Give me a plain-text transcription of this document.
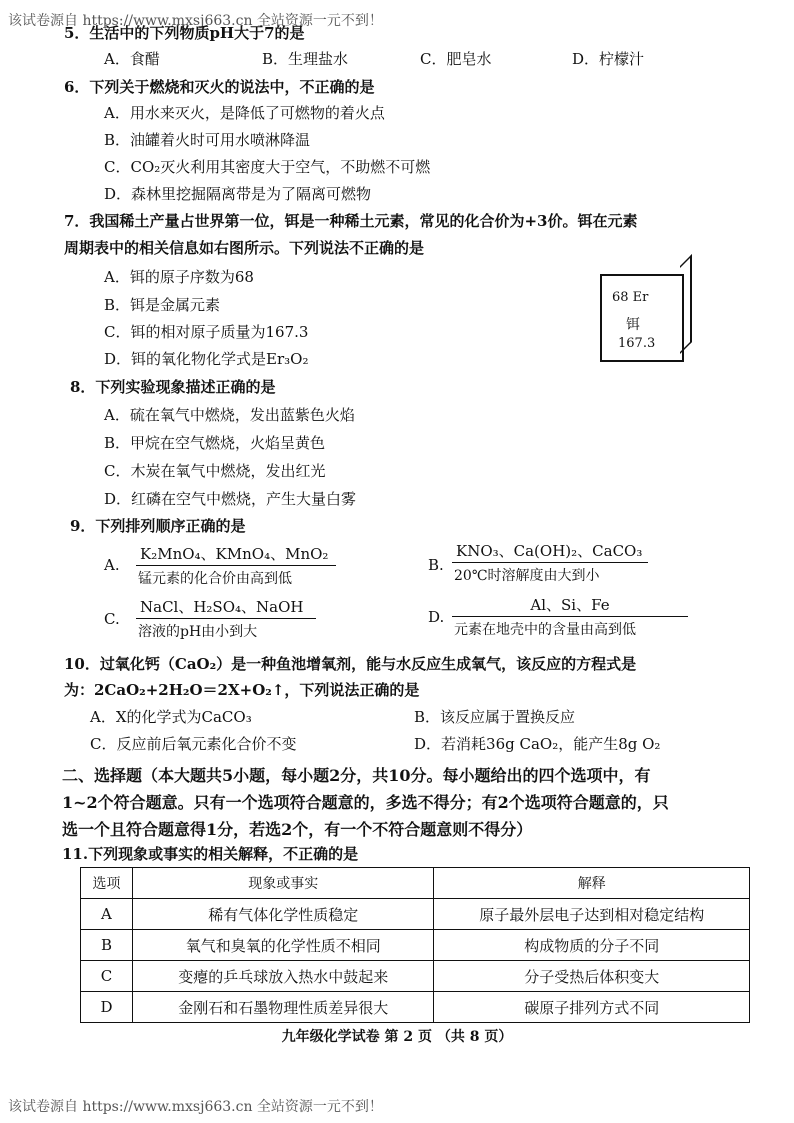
该试卷源自 https://www.mxsj663.cn 全站资源一元不到！
5．生活中的下列物质pH大于7的是
A．食醋	B．生理盐水	C．肥皂水	D．柠檬汁
6．下列关于燃烧和灭火的说法中，不正确的是
A．用水来灭火，是降低了可燃物的着火点
B．油罐着火时可用水喷淋降温
C．CO₂灭火利用其密度大于空气，不助燃不可燃
D．森林里挖掘隔离带是为了隔离可燃物
7．我国稀土产量占世界第一位，铒是一种稀土元素，常见的化合价为+3价。铒在元素
周期表中的相关信息如右图所示。下列说法不正确的是
A．铒的原子序数为68
B．铒是金属元素
C．铒的相对原子质量为167.3
D．铒的氧化物化学式是Er₃O₂
68 Er
铒
167.3
8．下列实验现象描述正确的是
A．硫在氧气中燃烧，发出蓝紫色火焰
B．甲烷在空气燃烧，火焰呈黄色
C．木炭在氧气中燃烧，发出红光
D．红磷在空气中燃烧，产生大量白雾
9．下列排列顺序正确的是
A.
K₂MnO₄、KMnO₄、MnO₂
锰元素的化合价由高到低
B.
KNO₃、Ca(OH)₂、CaCO₃
20℃时溶解度由大到小
C.
NaCl、H₂SO₄、NaOH
溶液的pH由小到大
D.
Al、Si、Fe
元素在地壳中的含量由高到低
10．过氧化钙（CaO₂）是一种鱼池增氧剂，能与水反应生成氧气，该反应的方程式是
为：2CaO₂+2H₂O＝2X+O₂↑，下列说法正确的是
A．X的化学式为CaCO₃	B．该反应属于置换反应
C．反应前后氧元素化合价不变	D．若消耗36g CaO₂，能产生8g O₂
二、选择题（本大题共5小题，每小题2分，共10分。每小题给出的四个选项中，有
1~2个符合题意。只有一个选项符合题意的，多选不得分；有2个选项符合题意的，只
选一个且符合题意得1分，若选2个，有一个不符合题意则不得分）
11.下列现象或事实的相关解释，不正确的是
选项	现象或事实	解释
A	稀有气体化学性质稳定	原子最外层电子达到相对稳定结构
B	氧气和臭氧的化学性质不相同	构成物质的分子不同
C	变瘪的乒乓球放入热水中鼓起来	分子受热后体积变大
D	金刚石和石墨物理性质差异很大	碳原子排列方式不同
九年级化学试卷 第 2 页 （共 8 页）
该试卷源自 https://www.mxsj663.cn 全站资源一元不到！
